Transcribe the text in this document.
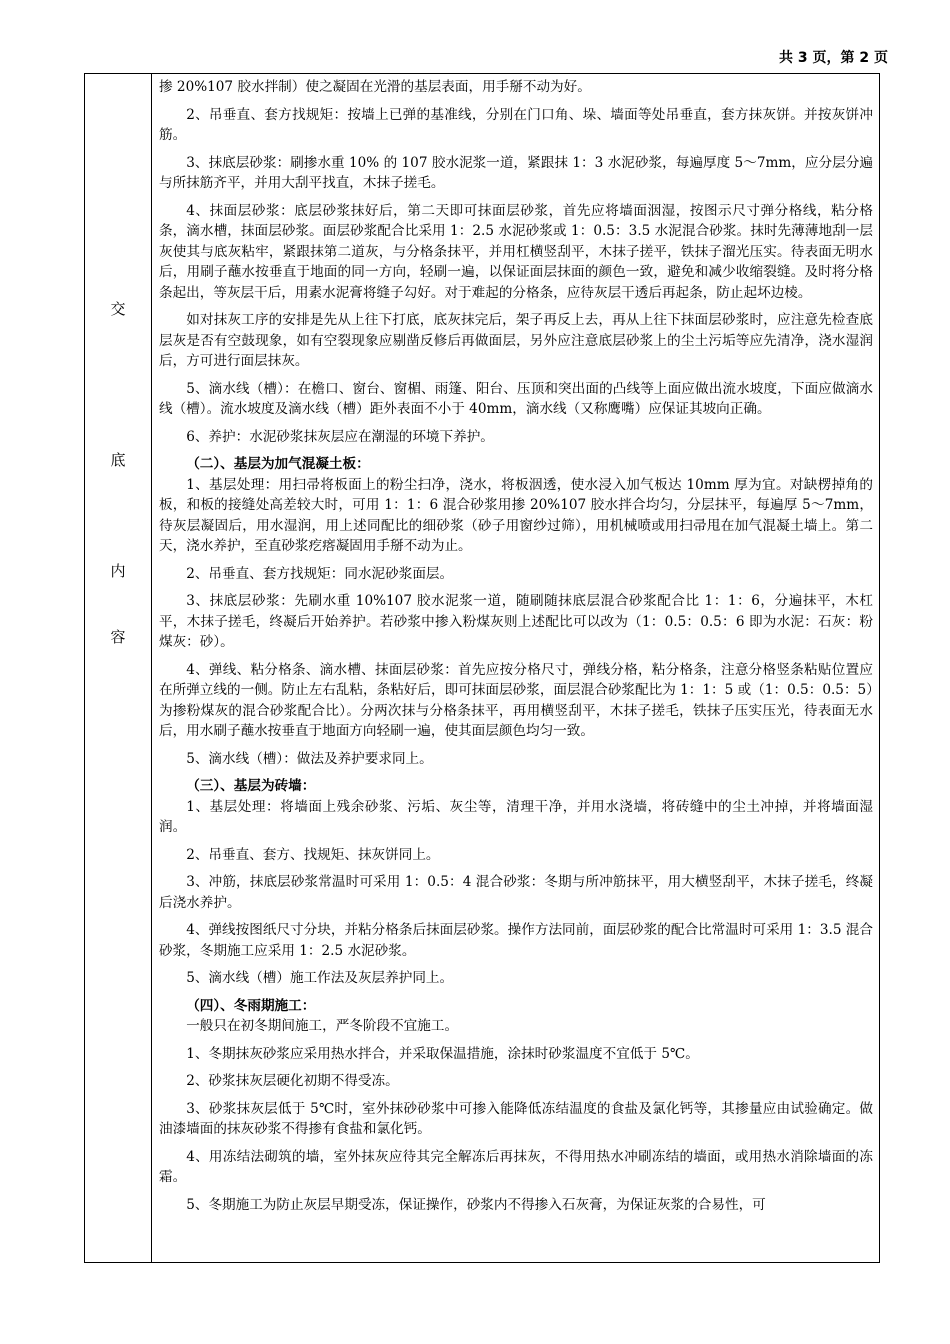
共 3 页，第 2 页
交
底
内
容

掺 20%107 胶水拌制）使之凝固在光滑的基层表面，用手掰不动为好。

2、吊垂直、套方找规矩：按墙上已弹的基准线，分别在门口角、垛、墙面等处吊垂直，套方抹灰饼。并按灰饼冲筋。

3、抹底层砂浆：刷掺水重 10% 的 107 胶水泥浆一道，紧跟抹 1：3 水泥砂浆，每遍厚度 5～7mm，应分层分遍与所抹筋齐平，并用大刮平找直，木抹子搓毛。

4、抹面层砂浆：底层砂浆抹好后，第二天即可抹面层砂浆，首先应将墙面洇湿，按图示尺寸弹分格线，粘分格条，滴水槽，抹面层砂浆。面层砂浆配合比采用 1：2.5 水泥砂浆或 1：0.5：3.5 水泥混合砂浆。抹时先薄薄地刮一层灰使其与底灰粘牢，紧跟抹第二道灰，与分格条抹平，并用杠横竖刮平，木抹子搓平，铁抹子溜光压实。待表面无明水后，用刷子蘸水按垂直于地面的同一方向，轻刷一遍，以保证面层抹面的颜色一致，避免和减少收缩裂缝。及时将分格条起出，等灰层干后，用素水泥膏将缝子勾好。对于难起的分格条，应待灰层干透后再起条，防止起坏边棱。

如对抹灰工序的安排是先从上往下打底，底灰抹完后，架子再反上去，再从上往下抹面层砂浆时，应注意先检查底层灰是否有空鼓现象，如有空裂现象应剔凿反修后再做面层，另外应注意底层砂浆上的尘土污垢等应先清净，浇水湿润后，方可进行面层抹灰。

5、滴水线（槽）：在檐口、窗台、窗楣、雨篷、阳台、压顶和突出面的凸线等上面应做出流水坡度，下面应做滴水线（槽）。流水坡度及滴水线（槽）距外表面不小于 40mm，滴水线（又称鹰嘴）应保证其坡向正确。

6、养护：水泥砂浆抹灰层应在潮湿的环境下养护。

（二）、基层为加气混凝土板：

1、基层处理：用扫帚将板面上的粉尘扫净，浇水，将板洇透，使水浸入加气板达 10mm 厚为宜。对缺楞掉角的板，和板的接缝处高差较大时，可用 1：1：6 混合砂浆用掺 20%107 胶水拌合均匀，分层抹平，每遍厚 5～7mm，待灰层凝固后，用水湿润，用上述同配比的细砂浆（砂子用窗纱过筛），用机械喷或用扫帚甩在加气混凝土墙上。第二天，浇水养护，至直砂浆疙瘩凝固用手掰不动为止。

2、吊垂直、套方找规矩：同水泥砂浆面层。

3、抹底层砂浆：先刷水重 10%107 胶水泥浆一道，随刷随抹底层混合砂浆配合比 1：1：6，分遍抹平，木杠平，木抹子搓毛，终凝后开始养护。若砂浆中掺入粉煤灰则上述配比可以改为（1：0.5：0.5：6 即为水泥：石灰：粉煤灰：砂）。

4、弹线、粘分格条、滴水槽、抹面层砂浆：首先应按分格尺寸，弹线分格，粘分格条，注意分格竖条粘贴位置应在所弹立线的一侧。防止左右乱粘，条粘好后，即可抹面层砂浆，面层混合砂浆配比为 1：1：5 或（1：0.5：0.5：5）为掺粉煤灰的混合砂浆配合比）。分两次抹与分格条抹平，再用横竖刮平，木抹子搓毛，铁抹子压实压光，待表面无水后，用水刷子蘸水按垂直于地面方向轻刷一遍，使其面层颜色均匀一致。

5、滴水线（槽）：做法及养护要求同上。

（三）、基层为砖墙：

1、基层处理：将墙面上残余砂浆、污垢、灰尘等，清理干净，并用水浇墙，将砖缝中的尘土冲掉，并将墙面湿润。

2、吊垂直、套方、找规矩、抹灰饼同上。

3、冲筋，抹底层砂浆常温时可采用 1：0.5：4 混合砂浆：冬期与所冲筋抹平，用大横竖刮平，木抹子搓毛，终凝后浇水养护。

4、弹线按图纸尺寸分块，并粘分格条后抹面层砂浆。操作方法同前，面层砂浆的配合比常温时可采用 1：3.5 混合砂浆，冬期施工应采用 1：2.5 水泥砂浆。

5、滴水线（槽）施工作法及灰层养护同上。

（四）、冬雨期施工：

一般只在初冬期间施工，严冬阶段不宜施工。

1、冬期抹灰砂浆应采用热水拌合，并采取保温措施，涂抹时砂浆温度不宜低于 5℃。

2、砂浆抹灰层硬化初期不得受冻。

3、砂浆抹灰层低于 5℃时，室外抹砂砂浆中可掺入能降低冻结温度的食盐及氯化钙等，其掺量应由试验确定。做油漆墙面的抹灰砂浆不得掺有食盐和氯化钙。

4、用冻结法砌筑的墙，室外抹灰应待其完全解冻后再抹灰，不得用热水冲刷冻结的墙面，或用热水消除墙面的冻霜。

5、冬期施工为防止灰层早期受冻，保证操作，砂浆内不得掺入石灰膏，为保证灰浆的合易性，可
